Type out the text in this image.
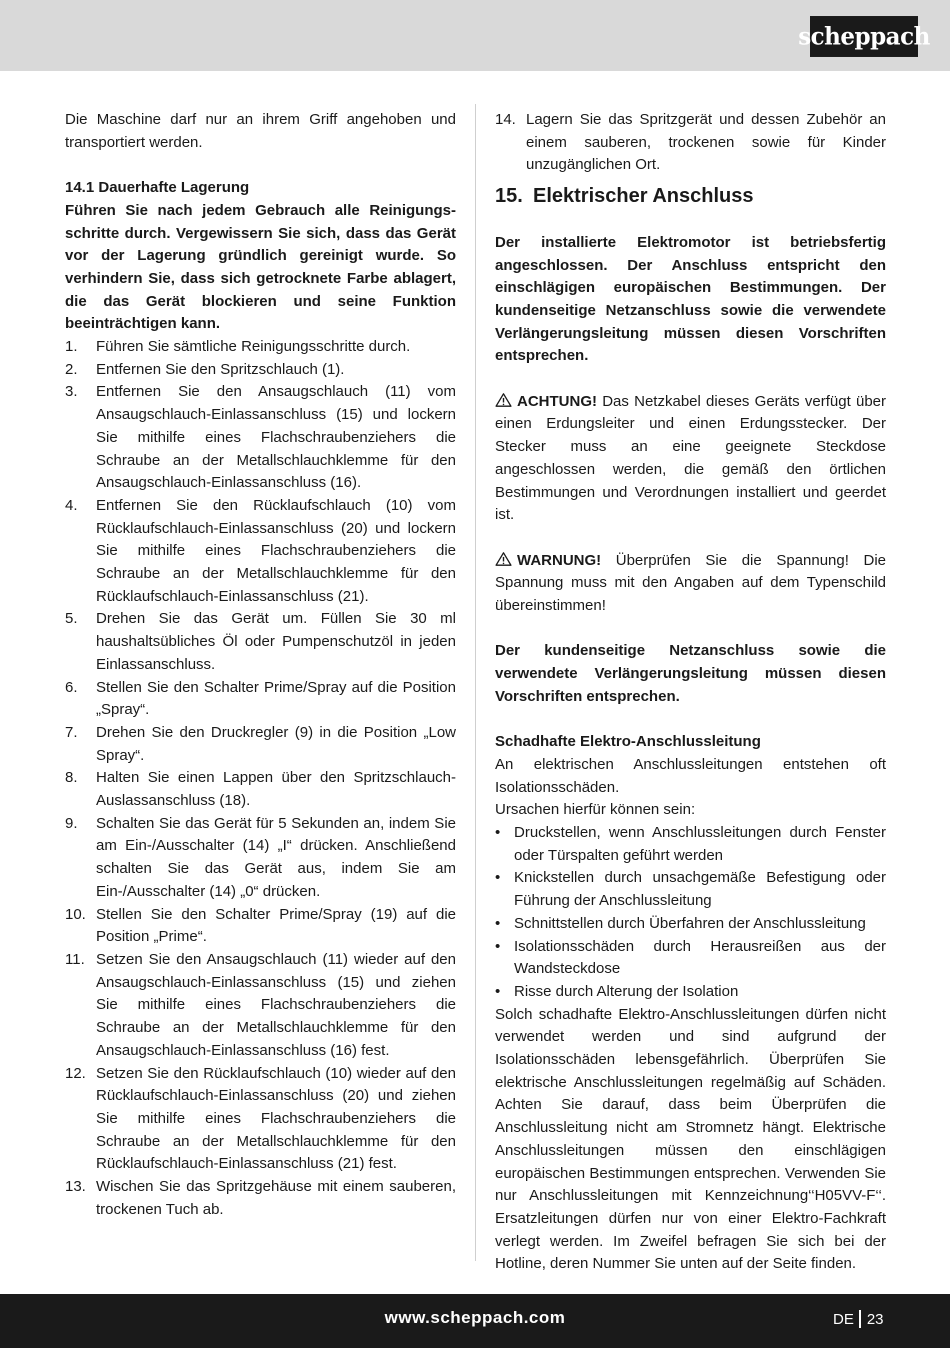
scheppach

Die Maschine darf nur an ihrem Griff angehoben und transportiert werden.

14.1 Dauerhafte Lagerung

Führen Sie nach jedem Gebrauch alle Reinigungsschritte durch. Vergewissern Sie sich, dass das Gerät vor der Lagerung gründlich gereinigt wurde. So verhindern Sie, dass sich getrocknete Farbe ablagert, die das Gerät blockieren und seine Funktion beeinträchtigen kann.

1.	Führen Sie sämtliche Reinigungsschritte durch.
2.	Entfernen Sie den Spritzschlauch (1).
3.	Entfernen Sie den Ansaugschlauch (11) vom Ansaugschlauch-Einlassanschluss (15) und lockern Sie mithilfe eines Flachschraubenziehers die Schraube an der Metallschlauchklemme für den Ansaugschlauch-Einlassanschluss (16).
4.	Entfernen Sie den Rücklaufschlauch (10) vom Rücklaufschlauch-Einlassanschluss (20) und lockern Sie mithilfe eines Flachschraubenziehers die Schraube an der Metallschlauchklemme für den Rücklaufschlauch-Einlassanschluss (21).
5.	Drehen Sie das Gerät um. Füllen Sie 30 ml haushaltsübliches Öl oder Pumpenschutzöl in jeden Einlassanschluss.
6.	Stellen Sie den Schalter Prime/Spray auf die Position „Spray“.
7.	Drehen Sie den Druckregler (9) in die Position „Low Spray“.
8.	Halten Sie einen Lappen über den Spritzschlauch-Auslassanschluss (18).
9.	Schalten Sie das Gerät für 5 Sekunden an, indem Sie am Ein-/Ausschalter (14) „I“ drücken. Anschließend schalten Sie das Gerät aus, indem Sie am Ein-/Ausschalter (14) „0“ drücken.
10. Stellen Sie den Schalter Prime/Spray (19) auf die Position „Prime“.
11. Setzen Sie den Ansaugschlauch (11) wieder auf den Ansaugschlauch-Einlassanschluss (15) und ziehen Sie mithilfe eines Flachschraubenziehers die Schraube an der Metallschlauchklemme für den Ansaugschlauch-Einlassanschluss (16) fest.
12. Setzen Sie den Rücklaufschlauch (10) wieder auf den Rücklaufschlauch-Einlassanschluss (20) und ziehen Sie mithilfe eines Flachschraubenziehers die Schraube an der Metallschlauchklemme für den Rücklaufschlauch-Einlassanschluss (21) fest.
13. Wischen Sie das Spritzgehäuse mit einem sauberen, trockenen Tuch ab.
14. Lagern Sie das Spritzgerät und dessen Zubehör an einem sauberen, trockenen sowie für Kinder unzugänglichen Ort.
15. Elektrischer Anschluss

Der installierte Elektromotor ist betriebsfertig angeschlossen. Der Anschluss entspricht den einschlägigen europäischen Bestimmungen. Der kundenseitige Netzanschluss sowie die verwendete Verlängerungsleitung müssen diesen Vorschriften entsprechen.

ACHTUNG! Das Netzkabel dieses Geräts verfügt über einen Erdungsleiter und einen Erdungsstecker. Der Stecker muss an eine geeignete Steckdose angeschlossen werden, die gemäß den örtlichen Bestimmungen und Verordnungen installiert und geerdet ist.

WARNUNG! Überprüfen Sie die Spannung! Die Spannung muss mit den Angaben auf dem Typenschild übereinstimmen!

Der kundenseitige Netzanschluss sowie die verwendete Verlängerungsleitung müssen diesen Vorschriften entsprechen.

Schadhafte Elektro-Anschlussleitung

An elektrischen Anschlussleitungen entstehen oft Isolationsschäden.

Ursachen hierfür können sein:

• Druckstellen, wenn Anschlussleitungen durch Fenster oder Türspalten geführt werden
• Knickstellen durch unsachgemäße Befestigung oder Führung der Anschlussleitung
• Schnittstellen durch Überfahren der Anschlussleitung
• Isolationsschäden durch Herausreißen aus der Wandsteckdose
• Risse durch Alterung der Isolation

Solch schadhafte Elektro-Anschlussleitungen dürfen nicht verwendet werden und sind aufgrund der Isolationsschäden lebensgefährlich. Überprüfen Sie elektrische Anschlussleitungen regelmäßig auf Schäden. Achten Sie darauf, dass beim Überprüfen die Anschlussleitung nicht am Stromnetz hängt. Elektrische Anschlussleitungen müssen den einschlägigen europäischen Bestimmungen entsprechen. Verwenden Sie nur Anschlussleitungen mit Kennzeichnung‘‘H05VV-F‘‘. Ersatzleitungen dürfen nur von einer Elektro-Fachkraft verlegt werden. Im Zweifel befragen Sie sich bei der Hotline, deren Nummer Sie unten auf der Seite finden.

www.scheppach.com	DE 23
